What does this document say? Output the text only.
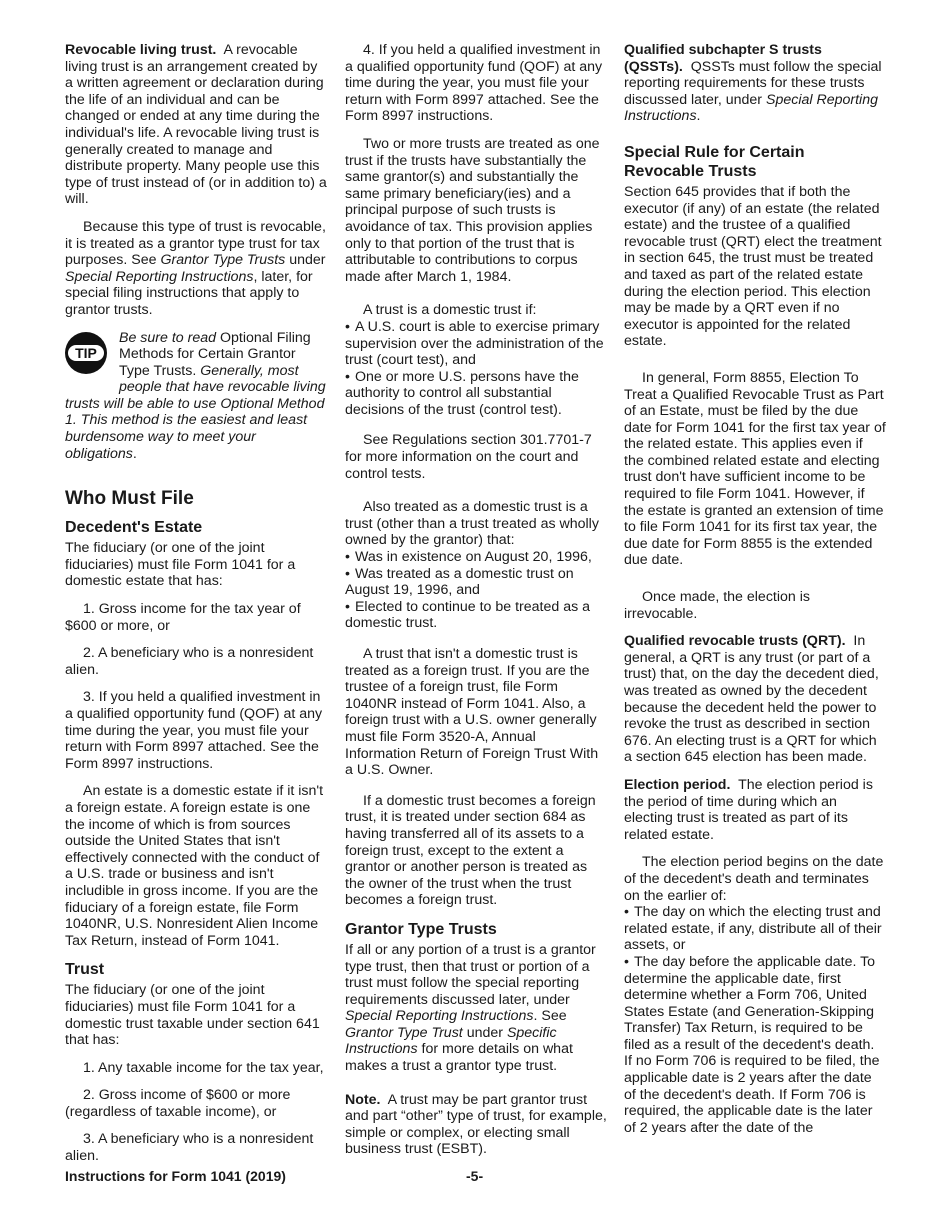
Revocable living trust. A revocable living trust is an arrangement created by a written agreement or declaration during the life of an individual and can be changed or ended at any time during the individual's life. A revocable living trust is generally created to manage and distribute property. Many people use this type of trust instead of (or in addition to) a will.

Because this type of trust is revocable, it is treated as a grantor type trust for tax purposes. See Grantor Type Trusts under Special Reporting Instructions, later, for special filing instructions that apply to grantor trusts.

TIP
Be sure to read Optional Filing Methods for Certain Grantor Type Trusts. Generally, most people that have revocable living trusts will be able to use Optional Method 1. This method is the easiest and least burdensome way to meet your obligations.
Who Must File
Decedent's Estate

The fiduciary (or one of the joint fiduciaries) must file Form 1041 for a domestic estate that has:

1. Gross income for the tax year of $600 or more, or

2. A beneficiary who is a nonresident alien.

3. If you held a qualified investment in a qualified opportunity fund (QOF) at any time during the year, you must file your return with Form 8997 attached. See the Form 8997 instructions.

An estate is a domestic estate if it isn't a foreign estate. A foreign estate is one the income of which is from sources outside the United States that isn't effectively connected with the conduct of a U.S. trade or business and isn't includible in gross income. If you are the fiduciary of a foreign estate, file Form 1040NR, U.S. Nonresident Alien Income Tax Return, instead of Form 1041.

Trust

The fiduciary (or one of the joint fiduciaries) must file Form 1041 for a domestic trust taxable under section 641 that has:

1. Any taxable income for the tax year,

2. Gross income of $600 or more (regardless of taxable income), or

3. A beneficiary who is a nonresident alien.

4. If you held a qualified investment in a qualified opportunity fund (QOF) at any time during the year, you must file your return with Form 8997 attached. See the Form 8997 instructions.

Two or more trusts are treated as one trust if the trusts have substantially the same grantor(s) and substantially the same primary beneficiary(ies) and a principal purpose of such trusts is avoidance of tax. This provision applies only to that portion of the trust that is attributable to contributions to corpus made after March 1, 1984.

A trust is a domestic trust if:

• A U.S. court is able to exercise primary supervision over the administration of the trust (court test), and

• One or more U.S. persons have the authority to control all substantial decisions of the trust (control test).

See Regulations section 301.7701-7 for more information on the court and control tests.

Also treated as a domestic trust is a trust (other than a trust treated as wholly owned by the grantor) that:

• Was in existence on August 20, 1996,

• Was treated as a domestic trust on August 19, 1996, and

• Elected to continue to be treated as a domestic trust.

A trust that isn't a domestic trust is treated as a foreign trust. If you are the trustee of a foreign trust, file Form 1040NR instead of Form 1041. Also, a foreign trust with a U.S. owner generally must file Form 3520-A, Annual Information Return of Foreign Trust With a U.S. Owner.

If a domestic trust becomes a foreign trust, it is treated under section 684 as having transferred all of its assets to a foreign trust, except to the extent a grantor or another person is treated as the owner of the trust when the trust becomes a foreign trust.

Grantor Type Trusts

If all or any portion of a trust is a grantor type trust, then that trust or portion of a trust must follow the special reporting requirements discussed later, under Special Reporting Instructions. See Grantor Type Trust under Specific Instructions for more details on what makes a trust a grantor type trust.

Note. A trust may be part grantor trust and part “other” type of trust, for example, simple or complex, or electing small business trust (ESBT).

Qualified subchapter S trusts (QSSTs). QSSTs must follow the special reporting requirements for these trusts discussed later, under Special Reporting Instructions.

Special Rule for Certain Revocable Trusts

Section 645 provides that if both the executor (if any) of an estate (the related estate) and the trustee of a qualified revocable trust (QRT) elect the treatment in section 645, the trust must be treated and taxed as part of the related estate during the election period. This election may be made by a QRT even if no executor is appointed for the related estate.

In general, Form 8855, Election To Treat a Qualified Revocable Trust as Part of an Estate, must be filed by the due date for Form 1041 for the first tax year of the related estate. This applies even if the combined related estate and electing trust don't have sufficient income to be required to file Form 1041. However, if the estate is granted an extension of time to file Form 1041 for its first tax year, the due date for Form 8855 is the extended due date.

Once made, the election is irrevocable.

Qualified revocable trusts (QRT). In general, a QRT is any trust (or part of a trust) that, on the day the decedent died, was treated as owned by the decedent because the decedent held the power to revoke the trust as described in section 676. An electing trust is a QRT for which a section 645 election has been made.

Election period. The election period is the period of time during which an electing trust is treated as part of its related estate.

The election period begins on the date of the decedent's death and terminates on the earlier of:

• The day on which the electing trust and related estate, if any, distribute all of their assets, or

• The day before the applicable date. To determine the applicable date, first determine whether a Form 706, United States Estate (and Generation-Skipping Transfer) Tax Return, is required to be filed as a result of the decedent's death. If no Form 706 is required to be filed, the applicable date is 2 years after the date of the decedent's death. If Form 706 is required, the applicable date is the later of 2 years after the date of the

Instructions for Form 1041 (2019)	-5-
